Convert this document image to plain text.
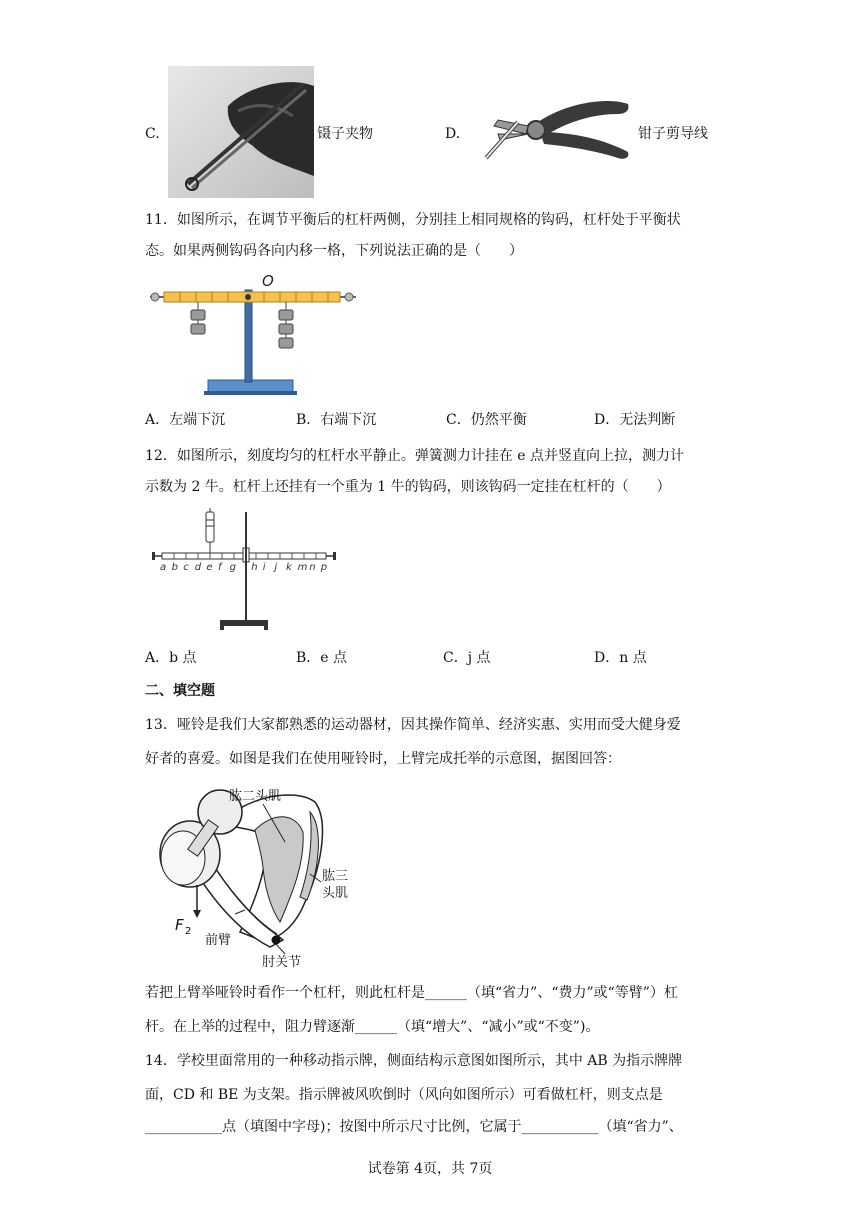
C.	镊子夹物	D.	钳子剪导线
11．如图所示，在调节平衡后的杠杆两侧，分别挂上相同规格的钩码，杠杆处于平衡状
态。如果两侧钩码各向内移一格，下列说法正确的是（　　）
O
A．左端下沉	B．右端下沉	C．仍然平衡	D．无法判断
12．如图所示，刻度均匀的杠杆水平静止。弹簧测力计挂在 e 点并竖直向上拉，测力计
示数为 2 牛。杠杆上还挂有一个重为 1 牛的钩码，则该钩码一定挂在杠杆的（　　）
a b c d e f g h i j k m n p
A．b 点	B．e 点	C．j 点	D．n 点
二、填空题
13．哑铃是我们大家都熟悉的运动器材，因其操作简单、经济实惠、实用而受大健身爱
好者的喜爱。如图是我们在使用哑铃时，上臂完成托举的示意图，据图回答：
肱二头肌
肱三
头肌
F 2
前臂
肘关节
若把上臂举哑铃时看作一个杠杆，则此杠杆是______（填“省力”、“费力”或“等臂”）杠
杆。在上举的过程中，阻力臂逐渐______（填“增大”、“减小”或“不变”)。
14．学校里面常用的一种移动指示牌，侧面结构示意图如图所示，其中 AB 为指示牌牌
面，CD 和 BE 为支架。指示牌被风吹倒时（风向如图所示）可看做杠杆，则支点是
___________点（填图中字母)；按图中所示尺寸比例，它属于___________（填“省力”、
试卷第 4页，共 7页
